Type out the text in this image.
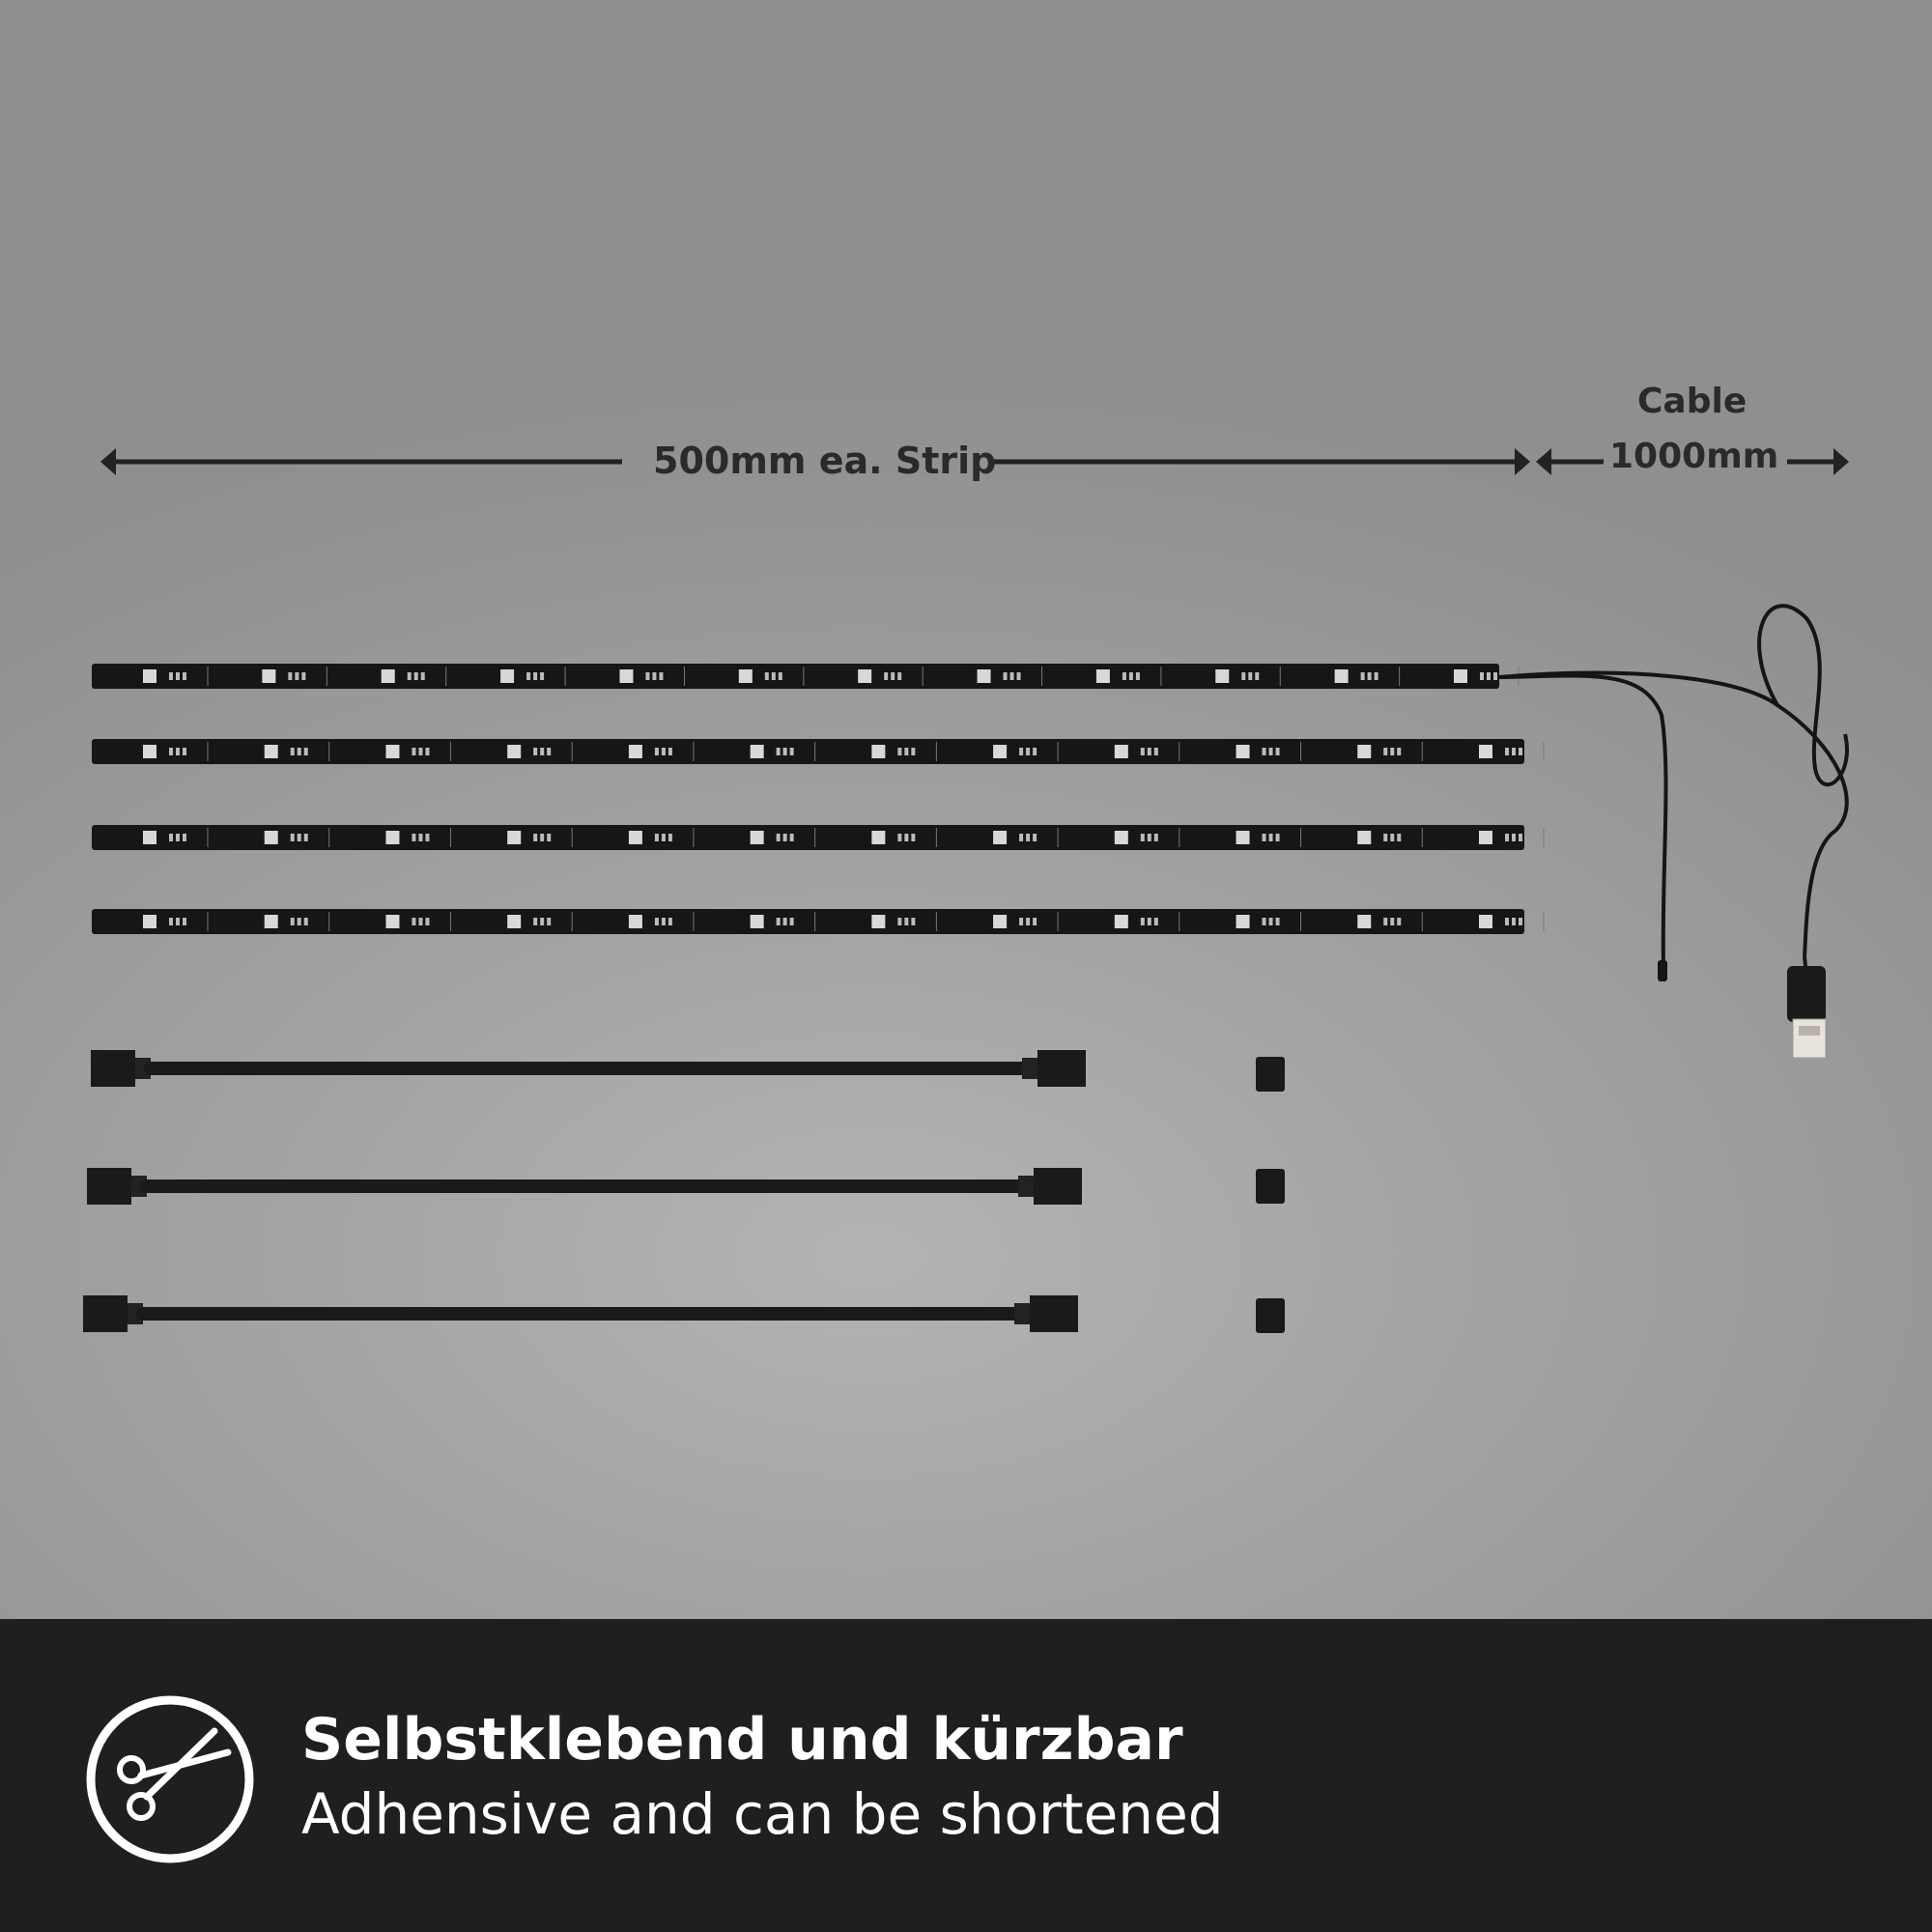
500mm ea. Strip
Cable
1000mm
Selbstklebend und kürzbar
Adhensive and can be shortened
